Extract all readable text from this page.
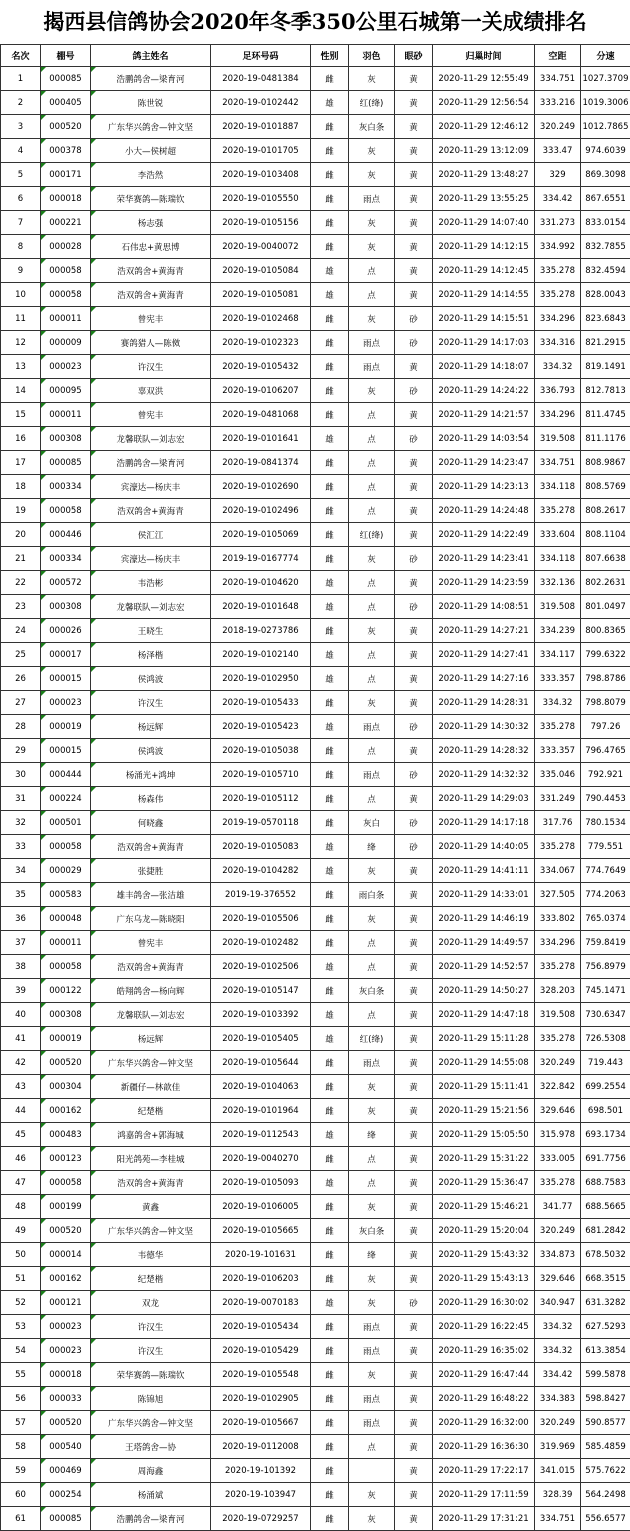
揭西县信鸽协会2020年冬季350公里石城第一关成绩排名
名次	棚号	鸽主姓名	足环号码	性别	羽色	眼砂	归巢时间	空距	分速
1	000085	浩鹏鸽舍—梁育河	2020-19-0481384	雌	灰	黄	2020-11-29 12:55:49	334.751	1027.3709
2	000405	陈世锐	2020-19-0102442	雄	红(绛)	黄	2020-11-29 12:56:54	333.216	1019.3006
3	000520	广东华兴鸽舍—钟文坚	2020-19-0101887	雌	灰白条	黄	2020-11-29 12:46:12	320.249	1012.7865
4	000378	小大—侯树超	2020-19-0101705	雌	灰	黄	2020-11-29 13:12:09	333.47	974.6039
5	000171	李浩然	2020-19-0103408	雌	灰	黄	2020-11-29 13:48:27	329	869.3098
6	000018	荣华赛鸽—陈瑞钦	2020-19-0105550	雌	雨点	黄	2020-11-29 13:55:25	334.42	867.6551
7	000221	杨志强	2020-19-0105156	雌	灰	黄	2020-11-29 14:07:40	331.273	833.0154
8	000028	石伟忠+黄思博	2020-19-0040072	雌	灰	黄	2020-11-29 14:12:15	334.992	832.7855
9	000058	浩双鸽舍+黄海青	2020-19-0105084	雄	点	黄	2020-11-29 14:12:45	335.278	832.4594
10	000058	浩双鸽舍+黄海青	2020-19-0105081	雄	点	黄	2020-11-29 14:14:55	335.278	828.0043
11	000011	曾宪丰	2020-19-0102468	雌	灰	砂	2020-11-29 14:15:51	334.296	823.6843
12	000009	赛鸽猎人—陈傚	2020-19-0102323	雌	雨点	砂	2020-11-29 14:17:03	334.316	821.2915
13	000023	许汉生	2020-19-0105432	雌	雨点	黄	2020-11-29 14:18:07	334.32	819.1491
14	000095	辜双洪	2020-19-0106207	雌	灰	砂	2020-11-29 14:24:22	336.793	812.7813
15	000011	曾宪丰	2020-19-0481068	雌	点	黄	2020-11-29 14:21:57	334.296	811.4745
16	000308	龙馨联队—刘志宏	2020-19-0101641	雄	点	砂	2020-11-29 14:03:54	319.508	811.1176
17	000085	浩鹏鸽舍—梁育河	2020-19-0841374	雌	点	黄	2020-11-29 14:23:47	334.751	808.9867
18	000334	宾濠达—杨庆丰	2020-19-0102690	雌	点	黄	2020-11-29 14:23:13	334.118	808.5769
19	000058	浩双鸽舍+黄海青	2020-19-0102496	雌	点	黄	2020-11-29 14:24:48	335.278	808.2617
20	000446	侯汇江	2020-19-0105069	雌	红(绛)	黄	2020-11-29 14:22:49	333.604	808.1104
21	000334	宾濠达—杨庆丰	2019-19-0167774	雌	灰	砂	2020-11-29 14:23:41	334.118	807.6638
22	000572	韦浩彬	2020-19-0104620	雄	点	黄	2020-11-29 14:23:59	332.136	802.2631
23	000308	龙馨联队—刘志宏	2020-19-0101648	雄	点	砂	2020-11-29 14:08:51	319.508	801.0497
24	000026	王晓生	2018-19-0273786	雌	灰	黄	2020-11-29 14:27:21	334.239	800.8365
25	000017	杨泽楷	2020-19-0102140	雄	点	黄	2020-11-29 14:27:41	334.117	799.6322
26	000015	侯鸿波	2020-19-0102950	雄	点	黄	2020-11-29 14:27:16	333.357	798.8786
27	000023	许汉生	2020-19-0105433	雌	灰	黄	2020-11-29 14:28:31	334.32	798.8079
28	000019	杨远辉	2020-19-0105423	雄	雨点	砂	2020-11-29 14:30:32	335.278	797.26
29	000015	侯鸿波	2020-19-0105038	雌	点	黄	2020-11-29 14:28:32	333.357	796.4765
30	000444	杨涌光+鸿坤	2020-19-0105710	雌	雨点	砂	2020-11-29 14:32:32	335.046	792.921
31	000224	杨森伟	2020-19-0105112	雌	点	黄	2020-11-29 14:29:03	331.249	790.4453
32	000501	何晓鑫	2019-19-0570118	雌	灰白	砂	2020-11-29 14:17:18	317.76	780.1534
33	000058	浩双鸽舍+黄海青	2020-19-0105083	雄	绛	砂	2020-11-29 14:40:05	335.278	779.551
34	000029	张捷胜	2020-19-0104282	雄	灰	黄	2020-11-29 14:41:11	334.067	774.7649
35	000583	雄丰鸽舍—张洁雄	2019-19-376552	雌	雨白条	黄	2020-11-29 14:33:01	327.505	774.2063
36	000048	广东乌龙—陈晓阳	2020-19-0105506	雌	灰	黄	2020-11-29 14:46:19	333.802	765.0374
37	000011	曾宪丰	2020-19-0102482	雌	点	黄	2020-11-29 14:49:57	334.296	759.8419
38	000058	浩双鸽舍+黄海青	2020-19-0102506	雄	点	黄	2020-11-29 14:52:57	335.278	756.8979
39	000122	皓翔鸽舍—杨向辉	2020-19-0105147	雌	灰白条	黄	2020-11-29 14:50:27	328.203	745.1471
40	000308	龙馨联队—刘志宏	2020-19-0103392	雄	点	黄	2020-11-29 14:47:18	319.508	730.6347
41	000019	杨远辉	2020-19-0105405	雄	红(绛)	黄	2020-11-29 15:11:28	335.278	726.5308
42	000520	广东华兴鸽舍—钟文坚	2020-19-0105644	雌	雨点	黄	2020-11-29 14:55:08	320.249	719.443
43	000304	新疆仔—林歆佳	2020-19-0104063	雌	灰	黄	2020-11-29 15:11:41	322.842	699.2554
44	000162	纪楚楷	2020-19-0101964	雌	灰	黄	2020-11-29 15:21:56	329.646	698.501
45	000483	鸿嘉鸽舍+郭海城	2020-19-0112543	雄	绛	黄	2020-11-29 15:05:50	315.978	693.1734
46	000123	阳光鸽苑—李桂城	2020-19-0040270	雌	点	黄	2020-11-29 15:31:22	333.005	691.7756
47	000058	浩双鸽舍+黄海青	2020-19-0105093	雄	点	黄	2020-11-29 15:36:47	335.278	688.7583
48	000199	黄鑫	2020-19-0106005	雌	灰	黄	2020-11-29 15:46:21	341.77	688.5665
49	000520	广东华兴鸽舍—钟文坚	2020-19-0105665	雌	灰白条	黄	2020-11-29 15:20:04	320.249	681.2842
50	000014	韦德华	2020-19-101631	雌	绛	黄	2020-11-29 15:43:32	334.873	678.5032
51	000162	纪楚楷	2020-19-0106203	雌	灰	黄	2020-11-29 15:43:13	329.646	668.3515
52	000121	双龙	2020-19-0070183	雄	灰	砂	2020-11-29 16:30:02	340.947	631.3282
53	000023	许汉生	2020-19-0105434	雌	雨点	黄	2020-11-29 16:22:45	334.32	627.5293
54	000023	许汉生	2020-19-0105429	雌	雨点	黄	2020-11-29 16:35:02	334.32	613.3854
55	000018	荣华赛鸽—陈瑞钦	2020-19-0105548	雌	灰	黄	2020-11-29 16:47:44	334.42	599.5878
56	000033	陈锦旭	2020-19-0102905	雌	雨点	黄	2020-11-29 16:48:22	334.383	598.8427
57	000520	广东华兴鸽舍—钟文坚	2020-19-0105667	雌	雨点	黄	2020-11-29 16:32:00	320.249	590.8577
58	000540	王塔鸽舍—协	2020-19-0112008	雌	点	黄	2020-11-29 16:36:30	319.969	585.4859
59	000469	周海鑫	2020-19-101392	雌		黄	2020-11-29 17:22:17	341.015	575.7622
60	000254	杨涌斌	2020-19-103947	雌	灰	黄	2020-11-29 17:11:59	328.39	564.2498
61	000085	浩鹏鸽舍—梁育河	2020-19-0729257	雌	灰	黄	2020-11-29 17:31:21	334.751	556.6577
